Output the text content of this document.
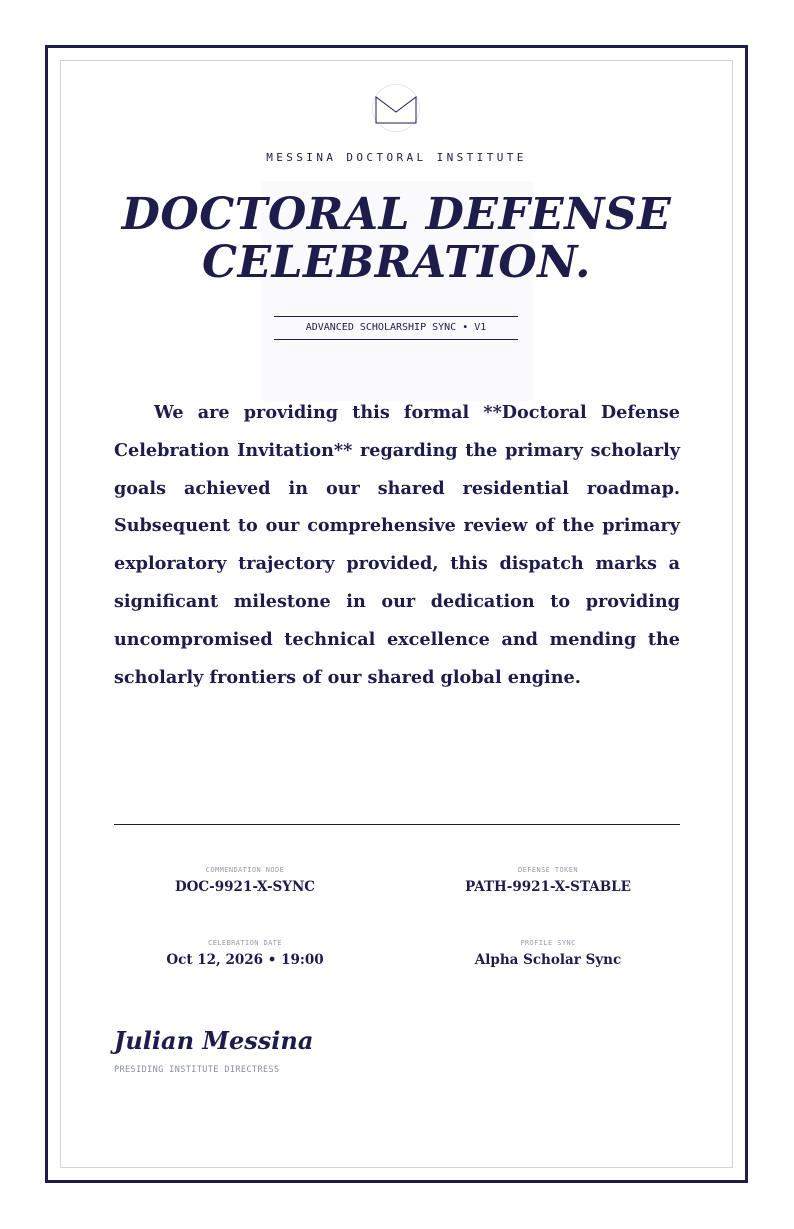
MESSINA DOCTORAL INSTITUTE
DOCTORAL DEFENSE
CELEBRATION.
ADVANCED SCHOLARSHIP SYNC • V1

We are providing this formal **Doctoral Defense Celebration Invitation** regarding the primary scholarly goals achieved in our shared residential roadmap. Subsequent to our comprehensive review of the primary exploratory trajectory provided, this dispatch marks a significant milestone in our dedication to providing uncompromised technical excellence and mending the scholarly frontiers of our shared global engine.

COMMENDATION NODE
DOC-9921-X-SYNC
DEFENSE TOKEN
PATH-9921-X-STABLE
CELEBRATION DATE
Oct 12, 2026 • 19:00
PROFILE SYNC
Alpha Scholar Sync
Julian Messina
PRESIDING INSTITUTE DIRECTRESS
